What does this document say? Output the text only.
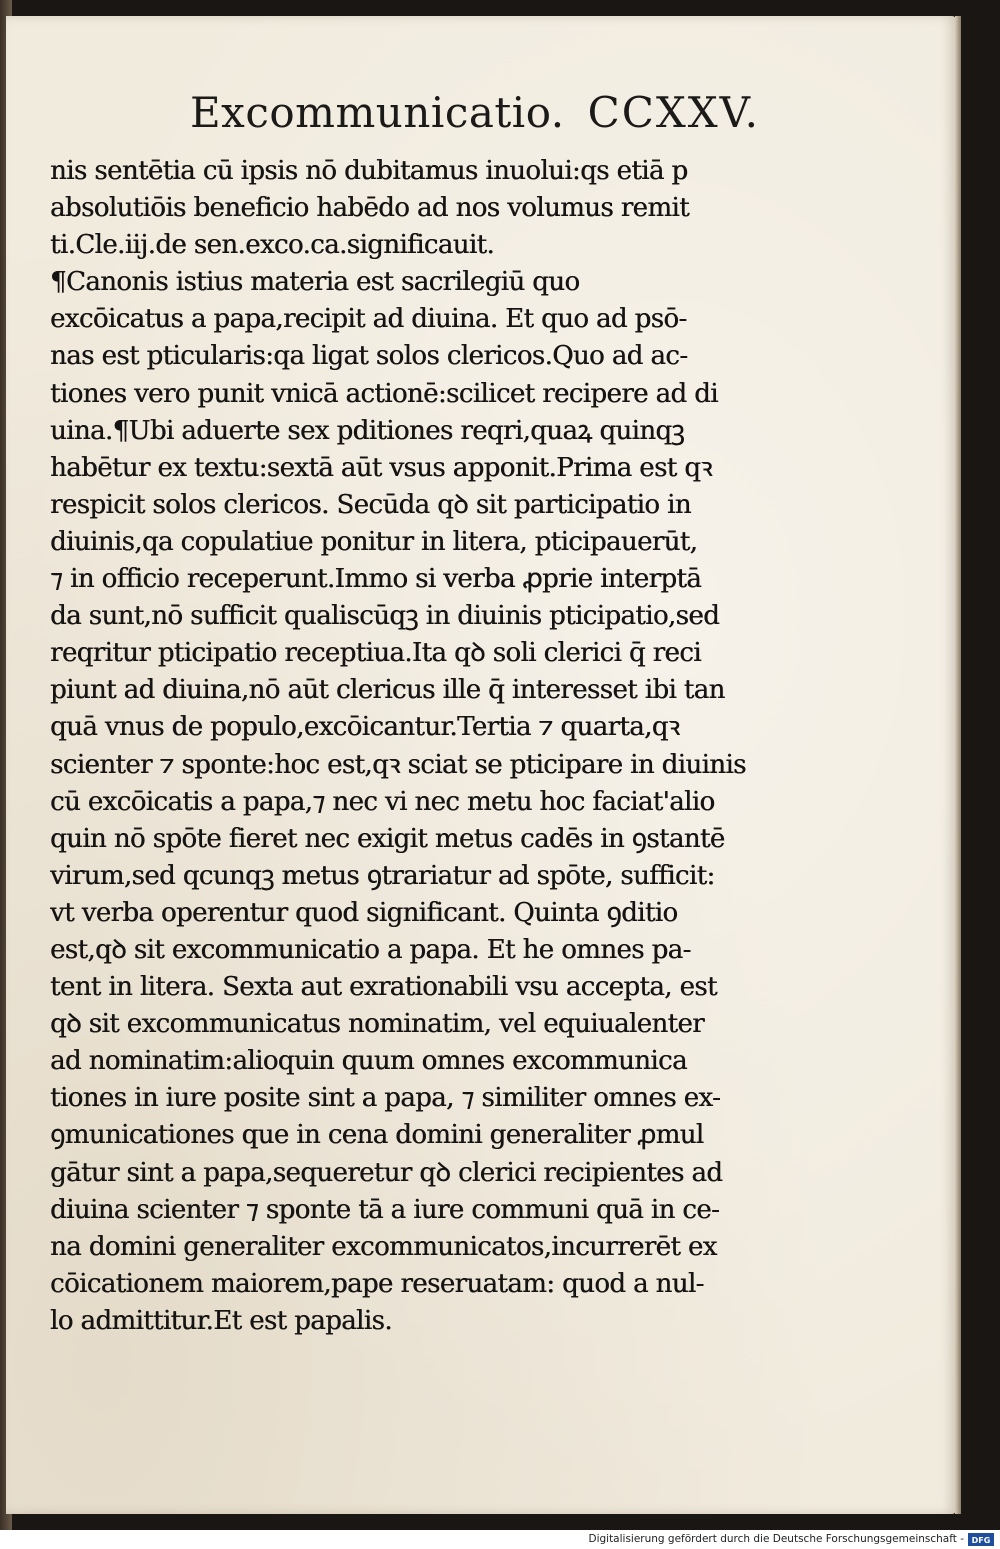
Excommunicatio. CCXXV.
nis sentētia cū ipsis nō dubitamus inuolui:qs etiā p
absolutiōis beneficio habēdo ad nos volumus remit
ti.Cle.iij.de sen.exco.ca.significauit.
¶Canonis istius materia est sacrilegiū quo
excōicatus a papa,recipit ad diuina. Et quo ad psō-
nas est pticularis:qa ligat solos clericos.Quo ad ac-
tiones vero punit vnicā actionē:scilicet recipere ad di
uina.¶Ubi aduerte sex pditiones reqri,quaꝝ quinqꝫ
habētur ex textu:sextā aūt vsus apponit.Prima est qꝛ
respicit solos clericos. Secūda qꝺ sit participatio in
diuinis,qa copulatiue ponitur in litera, pticipauerūt,
⁊ in officio receperunt.Immo si verba ꝓprie interptā
da sunt,nō sufficit qualiscūqꝫ in diuinis pticipatio,sed
reqritur pticipatio receptiua.Ita qꝺ soli clerici q̄ reci
piunt ad diuina,nō aūt clericus ille q̄ interesset ibi tan
quā vnus de populo,excōicantur.Tertia ⁊ quarta,qꝛ
scienter ⁊ sponte:hoc est,qꝛ sciat se pticipare in diuinis
cū excōicatis a papa,⁊ nec vi nec metu hoc faciat'alio
quin nō spōte fieret nec exigit metus cadēs in ꝯstantē
virum,sed qcunqꝫ metus ꝯtrariatur ad spōte, sufficit:
vt verba operentur quod significant. Quinta ꝯditio
est,qꝺ sit excommunicatio a papa. Et he omnes pa-
tent in litera. Sexta aut exrationabili vsu accepta, est
qꝺ sit excommunicatus nominatim, vel equiualenter
ad nominatim:alioquin quum omnes excommunica
tiones in iure posite sint a papa, ⁊ similiter omnes ex-
ꝯmunicationes que in cena domini generaliter ꝓmul
gātur sint a papa,sequeretur qꝺ clerici recipientes ad
diuina scienter ⁊ sponte tā a iure communi quā in ce-
na domini generaliter excommunicatos,incurrerēt ex
cōicationem maiorem,pape reseruatam: quod a nul-
lo admittitur.Et est papalis.
Digitalisierung gefördert durch die Deutsche Forschungsgemeinschaft - DFG
